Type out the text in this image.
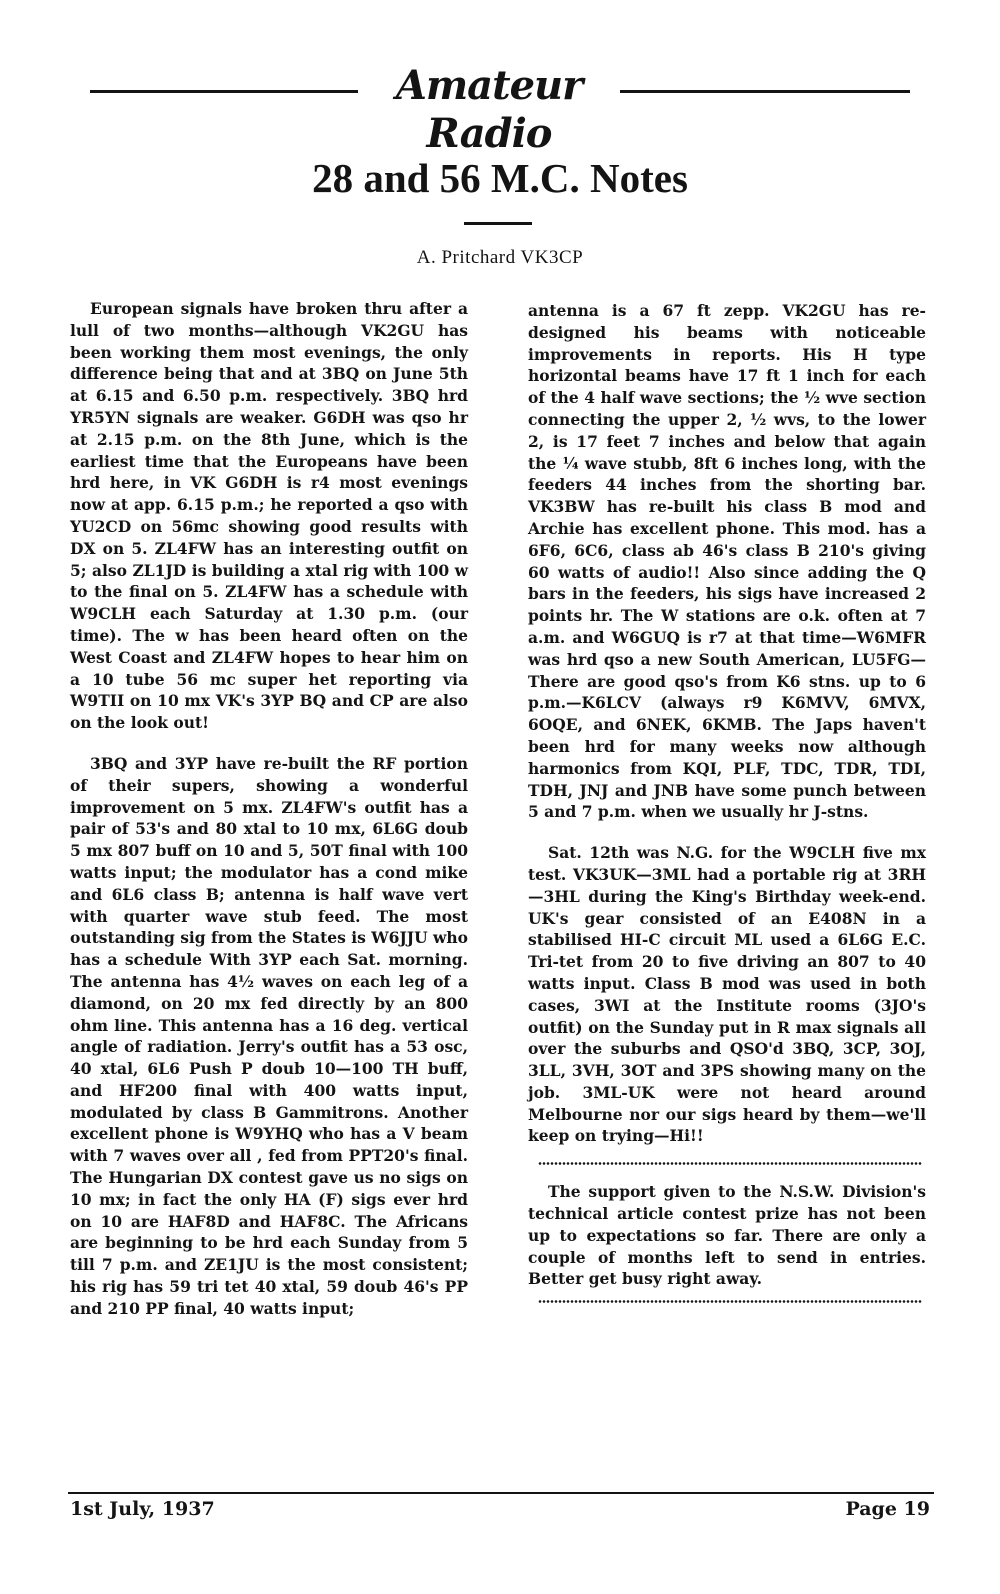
Amateur Radio
28 and 56 M.C. Notes
A. Pritchard VK3CP

European signals have broken thru after a lull of two months—although VK2GU has been working them most evenings, the only difference being that and at 3BQ on June 5th at 6.15 and 6.50 p.m. respectively. 3BQ hrd YR5YN signals are weaker. G6DH was qso hr at 2.15 p.m. on the 8th June, which is the earliest time that the Europeans have been hrd here, in VK G6DH is r4 most evenings now at app. 6.15 p.m.; he reported a qso with YU2CD on 56mc showing good results with DX on 5. ZL4FW has an interesting outfit on 5; also ZL1JD is building a xtal rig with 100 w to the final on 5. ZL4FW has a schedule with W9CLH each Saturday at 1.30 p.m. (our time). The w has been heard often on the West Coast and ZL4FW hopes to hear him on a 10 tube 56 mc super het reporting via W9TII on 10 mx VK's 3YP BQ and CP are also on the look out!

3BQ and 3YP have re-built the RF portion of their supers, showing a wonderful improvement on 5 mx. ZL4FW's outfit has a pair of 53's and 80 xtal to 10 mx, 6L6G doub 5 mx 807 buff on 10 and 5, 50T final with 100 watts input; the modulator has a cond mike and 6L6 class B; antenna is half wave vert with quarter wave stub feed. The most outstanding sig from the States is W6JJU who has a schedule With 3YP each Sat. morning. The antenna has 4½ waves on each leg of a diamond, on 20 mx fed directly by an 800 ohm line. This antenna has a 16 deg. vertical angle of radiation. Jerry's outfit has a 53 osc, 40 xtal, 6L6 Push P doub 10—100 TH buff, and HF200 final with 400 watts input, modulated by class B Gammitrons. Another excellent phone is W9YHQ who has a V beam with 7 waves over all , fed from PPT20's final. The Hungarian DX contest gave us no sigs on 10 mx; in fact the only HA (F) sigs ever hrd on 10 are HAF8D and HAF8C. The Africans are beginning to be hrd each Sunday from 5 till 7 p.m. and ZE1JU is the most consistent; his rig has 59 tri tet 40 xtal, 59 doub 46's PP and 210 PP final, 40 watts input;

antenna is a 67 ft zepp. VK2GU has re-designed his beams with noticeable improvements in reports. His H type horizontal beams have 17 ft 1 inch for each of the 4 half wave sections; the ½ wve section connecting the upper 2, ½ wvs, to the lower 2, is 17 feet 7 inches and below that again the ¼ wave stubb, 8ft 6 inches long, with the feeders 44 inches from the shorting bar. VK3BW has re-built his class B mod and Archie has excellent phone. This mod. has a 6F6, 6C6, class ab 46's class B 210's giving 60 watts of audio!! Also since adding the Q bars in the feeders, his sigs have increased 2 points hr. The W stations are o.k. often at 7 a.m. and W6GUQ is r7 at that time—W6MFR was hrd qso a new South American, LU5FG—There are good qso's from K6 stns. up to 6 p.m.—K6LCV (always r9 K6MVV, 6MVX, 6OQE, and 6NEK, 6KMB. The Japs haven't been hrd for many weeks now although harmonics from KQI, PLF, TDC, TDR, TDI, TDH, JNJ and JNB have some punch between 5 and 7 p.m. when we usually hr J-stns.

Sat. 12th was N.G. for the W9CLH five mx test. VK3UK—3ML had a portable rig at 3RH—3HL during the King's Birthday week-end. UK's gear consisted of an E408N in a stabilised HI-C circuit ML used a 6L6G E.C. Tri-tet from 20 to five driving an 807 to 40 watts input. Class B mod was used in both cases, 3WI at the Institute rooms (3JO's outfit) on the Sunday put in R max signals all over the suburbs and QSO'd 3BQ, 3CP, 3OJ, 3LL, 3VH, 3OT and 3PS showing many on the job. 3ML-UK were not heard around Melbourne nor our sigs heard by them—we'll keep on trying—Hi!!

The support given to the N.S.W. Division's technical article contest prize has not been up to expectations so far. There are only a couple of months left to send in entries. Better get busy right away.

1st July, 1937	Page 19
